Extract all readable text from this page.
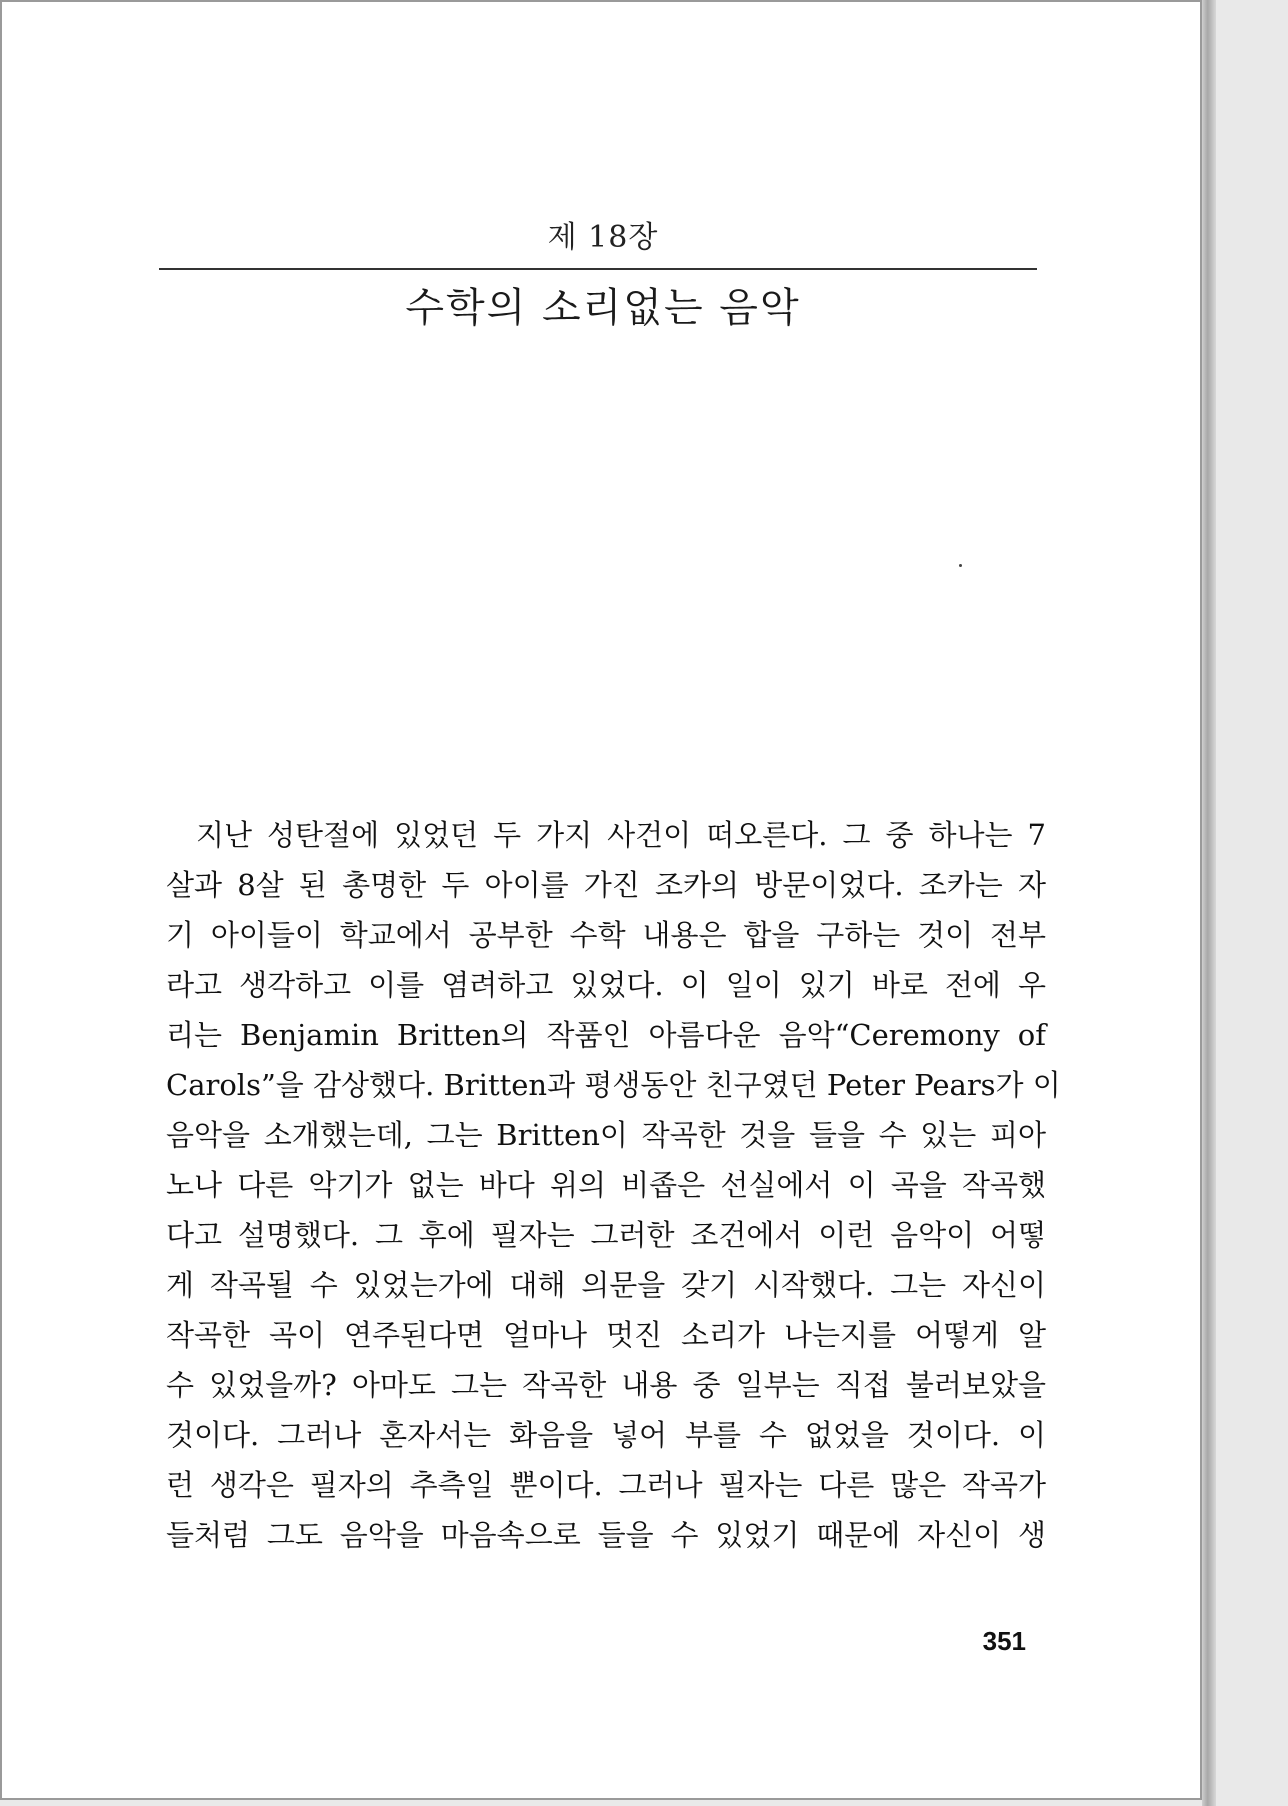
제 18장
수학의 소리없는 음악
지난 성탄절에 있었던 두 가지 사건이 떠오른다. 그 중 하나는 7
살과 8살 된 총명한 두 아이를 가진 조카의 방문이었다. 조카는 자
기 아이들이 학교에서 공부한 수학 내용은 합을 구하는 것이 전부
라고 생각하고 이를 염려하고 있었다. 이 일이 있기 바로 전에 우
리는 Benjamin Britten의 작품인 아름다운 음악“Ceremony of
Carols”을 감상했다. Britten과 평생동안 친구였던 Peter Pears가 이
음악을 소개했는데, 그는 Britten이 작곡한 것을 들을 수 있는 피아
노나 다른 악기가 없는 바다 위의 비좁은 선실에서 이 곡을 작곡했
다고 설명했다. 그 후에 필자는 그러한 조건에서 이런 음악이 어떻
게 작곡될 수 있었는가에 대해 의문을 갖기 시작했다. 그는 자신이
작곡한 곡이 연주된다면 얼마나 멋진 소리가 나는지를 어떻게 알
수 있었을까? 아마도 그는 작곡한 내용 중 일부는 직접 불러보았을
것이다. 그러나 혼자서는 화음을 넣어 부를 수 없었을 것이다. 이
런 생각은 필자의 추측일 뿐이다. 그러나 필자는 다른 많은 작곡가
들처럼 그도 음악을 마음속으로 들을 수 있었기 때문에 자신이 생
351
